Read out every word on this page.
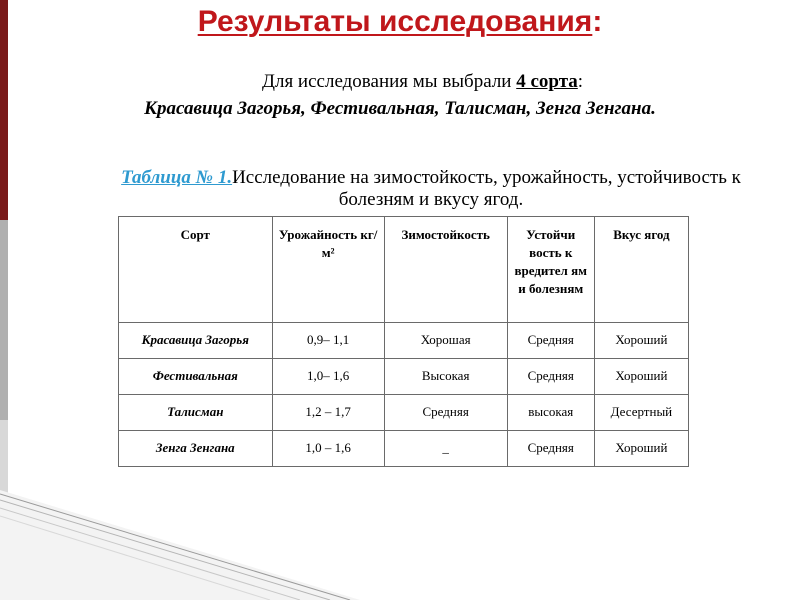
Результаты исследования:
Для исследования мы выбрали 4 сорта:
Красавица Загорья, Фестивальная, Талисман, Зенга Зенгана.
Таблица № 1.Исследование на зимостойкость, урожайность, устойчивость к болезням и вкусу ягод.
Сорт	Урожайность кг/м²	Зимостойкость	Устойчи вость к вредител ям и болезням	Вкус ягод
Красавица Загорья	0,9– 1,1	Хорошая	Средняя	Хороший
Фестивальная	1,0– 1,6	Высокая	Средняя	Хороший
Талисман	1,2 – 1,7	Средняя	высокая	Десертный
Зенга Зенгана	1,0 – 1,6	_	Средняя	Хороший
